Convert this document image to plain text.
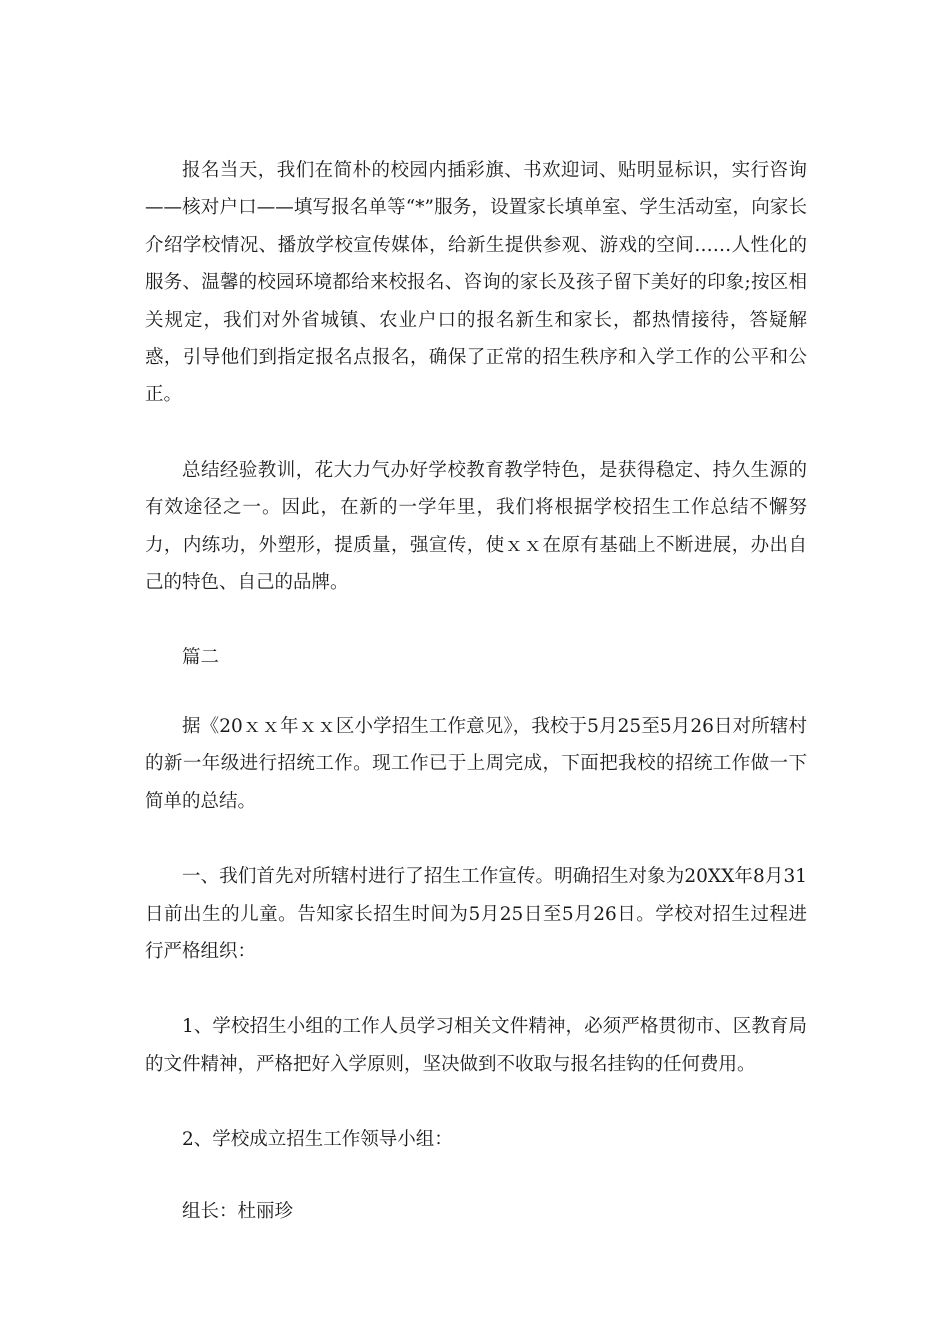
报名当天，我们在简朴的校园内插彩旗、书欢迎词、贴明显标识，实行咨询——核对户口——填写报名单等“*”服务，设置家长填单室、学生活动室，向家长介绍学校情况、播放学校宣传媒体，给新生提供参观、游戏的空间……人性化的服务、温馨的校园环境都给来校报名、咨询的家长及孩子留下美好的印象;按区相关规定，我们对外省城镇、农业户口的报名新生和家长，都热情接待，答疑解惑，引导他们到指定报名点报名，确保了正常的招生秩序和入学工作的公平和公正。

总结经验教训，花大力气办好学校教育教学特色，是获得稳定、持久生源的有效途径之一。因此，在新的一学年里，我们将根据学校招生工作总结不懈努力，内练功，外塑形，提质量，强宣传，使ｘｘ在原有基础上不断进展，办出自己的特色、自己的品牌。

篇二

据《20ｘｘ年ｘｘ区小学招生工作意见》，我校于5月25至5月26日对所辖村的新一年级进行招统工作。现工作已于上周完成，下面把我校的招统工作做一下简单的总结。

一、我们首先对所辖村进行了招生工作宣传。明确招生对象为20XX年8月31日前出生的儿童。告知家长招生时间为5月25日至5月26日。学校对招生过程进行严格组织：

1、学校招生小组的工作人员学习相关文件精神，必须严格贯彻市、区教育局的文件精神，严格把好入学原则，坚决做到不收取与报名挂钩的任何费用。

2、学校成立招生工作领导小组：

组长：杜丽珍
